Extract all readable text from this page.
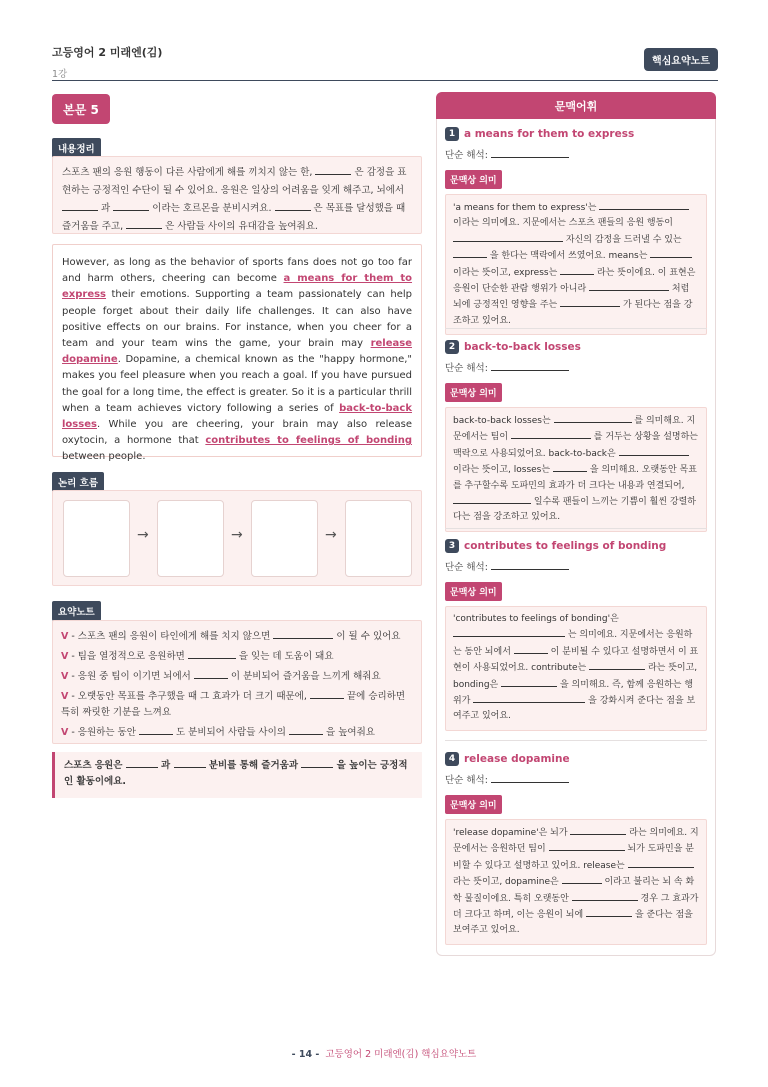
고등영어 2 미래엔(김)
1강
핵심요약노트
본문 5
내용정리
스포츠 팬의 응원 행동이 다른 사람에게 해를 끼치지 않는 한,	은 감정을 표현하는 긍정적인 수단이 될 수 있어요. 응원은 일상의 어려움을 잊게 해주고, 뇌에서  과	이라는 호르몬을 분비시켜요.	은 목표를 달성했을 때 즐거움을 주고,	은 사람들 사이의 유대감을 높여줘요.
However, as long as the behavior of sports fans does not go too far and harm others, cheering can become a means for them to express their emotions. Supporting a team passionately can help people forget about their daily life challenges. It can also have positive effects on our brains. For instance, when you cheer for a team and your team wins the game, your brain may release dopamine. Dopamine, a chemical known as the "happy hormone," makes you feel pleasure when you reach a goal. If you have pursued the goal for a long time, the effect is greater. So it is a particular thrill when a team achieves victory following a series of back-to-back losses. While you are cheering, your brain may also release oxytocin, a hormone that contributes to feelings of bonding between people.
논리 흐름
→	→	→
요약노트
V - 스포츠 팬의 응원이 타인에게 해를 치지 않으면	이 될 수 있어요
V - 팀을 열정적으로 응원하면	을 잊는 데 도움이 돼요
V - 응원 중 팀이 이기면 뇌에서	이 분비되어 즐거움을 느끼게 해줘요
V - 오랫동안 목표를 추구했을 때 그 효과가 더 크기 때문에,	끝에 승리하면 특히 짜릿한 기분을 느껴요
V - 응원하는 동안	도 분비되어 사람들 사이의	을 높여줘요
스포츠 응원은	과	분비를 통해 즐거움과	을 높이는 긍정적인 활동이에요.
문맥어휘
1 a means for them to express
단순 해석:
문맥상 의미
'a means for them to express'는  이라는 의미에요. 지문에서는 스포츠 팬들의 응원 행동이  자신의 감정을 드러낼 수 있는  을 한다는 맥락에서 쓰였어요. means는  이라는 뜻이고, express는	라는 뜻이에요. 이 표현은 응원이 단순한 관람 행위가 아니라	처럼 뇌에 긍정적인 영향을 주는	가 된다는 점을 강조하고 있어요.
2 back-to-back losses
단순 해석:
문맥상 의미
back-to-back losses는	를 의미해요. 지문에서는 팀이	를 거두는 상황을 설명하는 맥락으로 사용되었어요. back-to-back은  이라는 뜻이고, losses는	을 의미해요. 오랫동안 목표를 추구할수록 도파민의 효과가 더 크다는 내용과 연결되어,  일수록 팬들이 느끼는 기쁨이 훨씬 강렬하다는 점을 강조하고 있어요.
3 contributes to feelings of bonding
단순 해석:
문맥상 의미
'contributes to feelings of bonding'은  는 의미에요. 지문에서는 응원하는 동안 뇌에서	이 분비될 수 있다고 설명하면서 이 표현이 사용되었어요. contribute는	라는 뜻이고, bonding은	을 의미해요. 즉, 함께 응원하는 행위가	을 강화시켜 준다는 점을 보여주고 있어요.
4 release dopamine
단순 해석:
문맥상 의미
'release dopamine'은 뇌가	라는 의미에요. 지문에서는 응원하던 팀이	뇌가 도파민을 분비할 수 있다고 설명하고 있어요. release는  라는 뜻이고, dopamine은	이라고 불리는 뇌 속 화학 물질이에요. 특히 오랫동안	경우 그 효과가 더 크다고 하며, 이는 응원이 뇌에	을 준다는 점을 보여주고 있어요.
- 14 - 고등영어 2 미래엔(김) 핵심요약노트
